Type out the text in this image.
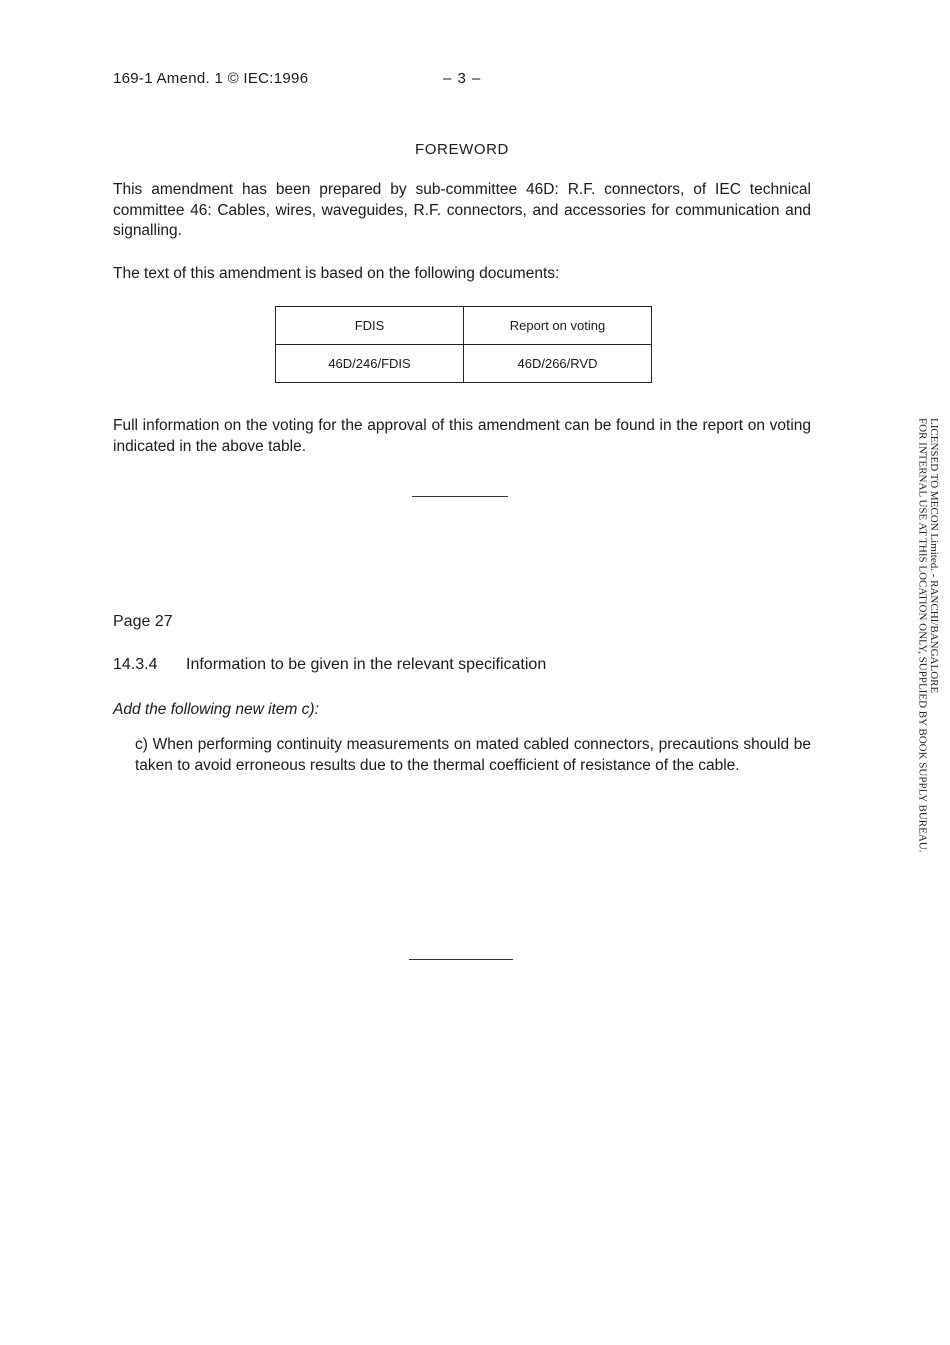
169-1 Amend. 1 © IEC:1996	– 3 –
FOREWORD
This amendment has been prepared by sub-committee 46D: R.F. connectors, of IEC technical committee 46: Cables, wires, waveguides, R.F. connectors, and accessories for communication and signalling.
The text of this amendment is based on the following documents:
FDIS	Report on voting
46D/246/FDIS	46D/266/RVD
Full information on the voting for the approval of this amendment can be found in the report on voting indicated in the above table.
Page 27
14.3.4 Information to be given in the relevant specification
Add the following new item c):
c) When performing continuity measurements on mated cabled connectors, precautions should be taken to avoid erroneous results due to the thermal coefficient of resistance of the cable.
LICENSED TO MECON Limited. - RANCHI/BANGALORE
FOR INTERNAL USE AT THIS LOCATION ONLY, SUPPLIED BY BOOK SUPPLY BUREAU.
